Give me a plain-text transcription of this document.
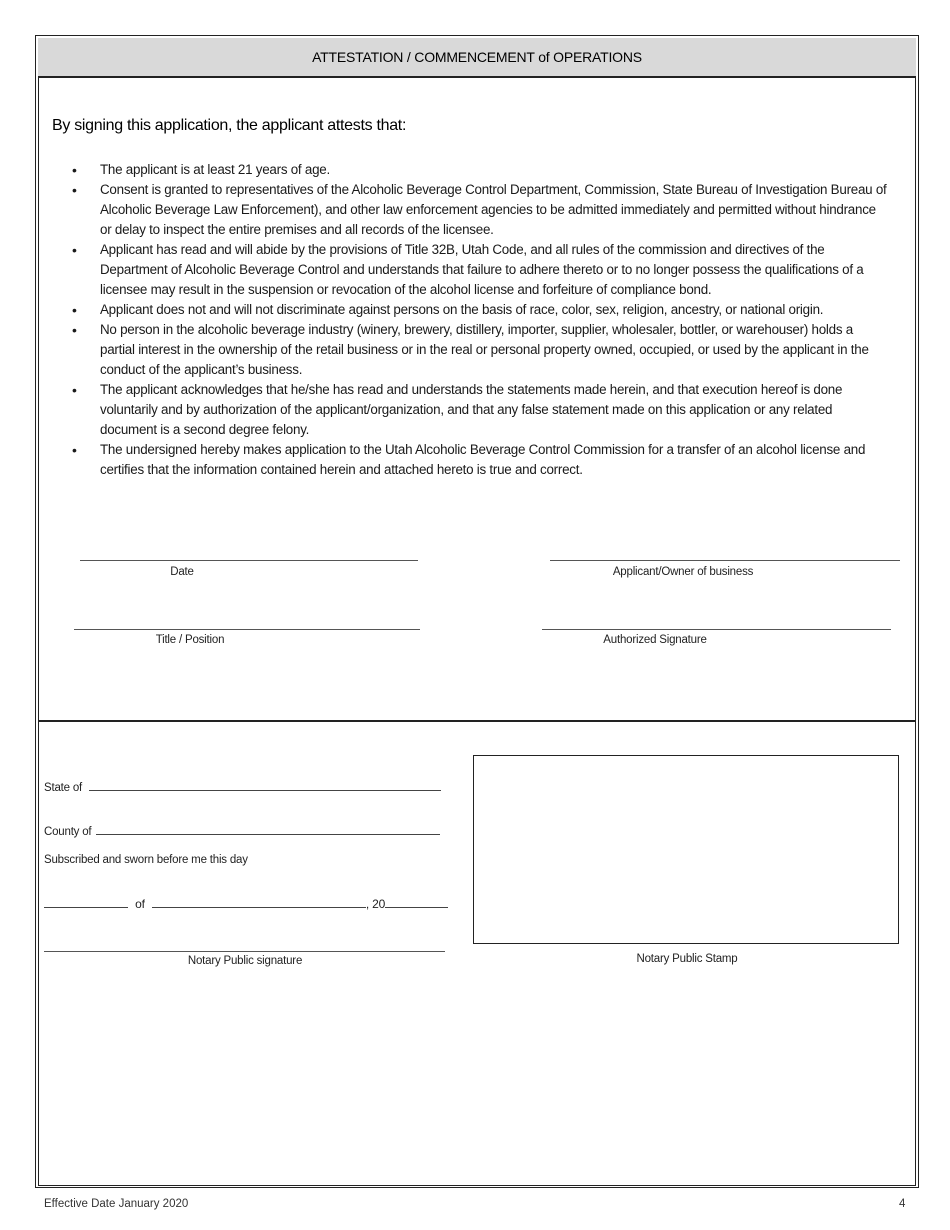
ATTESTATION / COMMENCEMENT of OPERATIONS
By signing this application, the applicant attests that:
• The applicant is at least 21 years of age.
• Consent is granted to representatives of the Alcoholic Beverage Control Department, Commission, State Bureau of Investigation Bureau of Alcoholic Beverage Law Enforcement), and other law enforcement agencies to be admitted immediately and permitted without hindrance or delay to inspect the entire premises and all records of the licensee.
• Applicant has read and will abide by the provisions of Title 32B, Utah Code, and all rules of the commission and directives of the Department of Alcoholic Beverage Control and understands that failure to adhere thereto or to no longer possess the qualifications of a licensee may result in the suspension or revocation of the alcohol license and forfeiture of compliance bond.
• Applicant does not and will not discriminate against persons on the basis of race, color, sex, religion, ancestry, or national origin.
• No person in the alcoholic beverage industry (winery, brewery, distillery, importer, supplier, wholesaler, bottler, or warehouser) holds a partial interest in the ownership of the retail business or in the real or personal property owned, occupied, or used by the applicant in the conduct of the applicant’s business.
• The applicant acknowledges that he/she has read and understands the statements made herein, and that execution hereof is done voluntarily and by authorization of the applicant/organization, and that any false statement made on this application or any related document is a second degree felony.
• The undersigned hereby makes application to the Utah Alcoholic Beverage Control Commission for a transfer of an alcohol license and certifies that the information contained herein and attached hereto is true and correct.
Date	Applicant/Owner of business
Title / Position	Authorized Signature
State of
County of
Subscribed and sworn before me this day
of	, 20
Notary Public signature	Notary Public Stamp
Effective Date January 2020	4
